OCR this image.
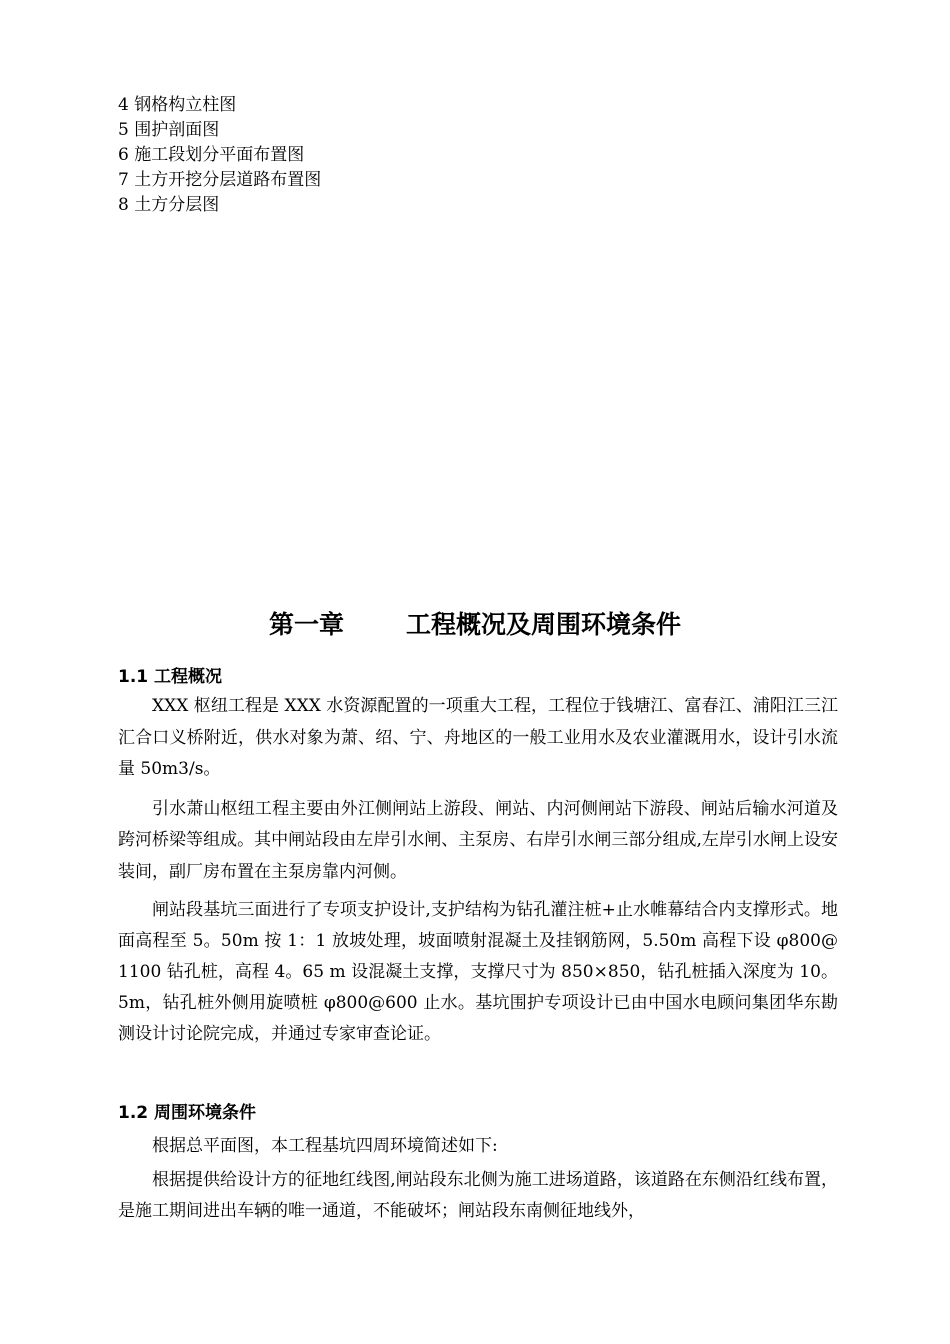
4 钢格构立柱图
5 围护剖面图
6 施工段划分平面布置图
7 土方开挖分层道路布置图
8 土方分层图
第一章 工程概况及周围环境条件
1.1 工程概况

XXX 枢纽工程是 XXX 水资源配置的一项重大工程，工程位于钱塘江、富春江、浦阳江三江汇合口义桥附近，供水对象为萧、绍、宁、舟地区的一般工业用水及农业灌溉用水，设计引水流量 50m3/s。

引水萧山枢纽工程主要由外江侧闸站上游段、闸站、内河侧闸站下游段、闸站后输水河道及跨河桥梁等组成。其中闸站段由左岸引水闸、主泵房、右岸引水闸三部分组成,左岸引水闸上设安装间，副厂房布置在主泵房靠内河侧。

闸站段基坑三面进行了专项支护设计,支护结构为钻孔灌注桩+止水帷幕结合内支撑形式。地面高程至 5。50m 按 1：1 放坡处理，坡面喷射混凝土及挂钢筋网，5.50m 高程下设 φ800@1100 钻孔桩，高程 4。65 m 设混凝土支撑，支撑尺寸为 850×850，钻孔桩插入深度为 10。5m，钻孔桩外侧用旋喷桩 φ800@600 止水。基坑围护专项设计已由中国水电顾问集团华东勘测设计讨论院完成，并通过专家审查论证。

1.2 周围环境条件

根据总平面图，本工程基坑四周环境简述如下:

根据提供给设计方的征地红线图,闸站段东北侧为施工进场道路，该道路在东侧沿红线布置，是施工期间进出车辆的唯一通道，不能破坏；闸站段东南侧征地线外，
